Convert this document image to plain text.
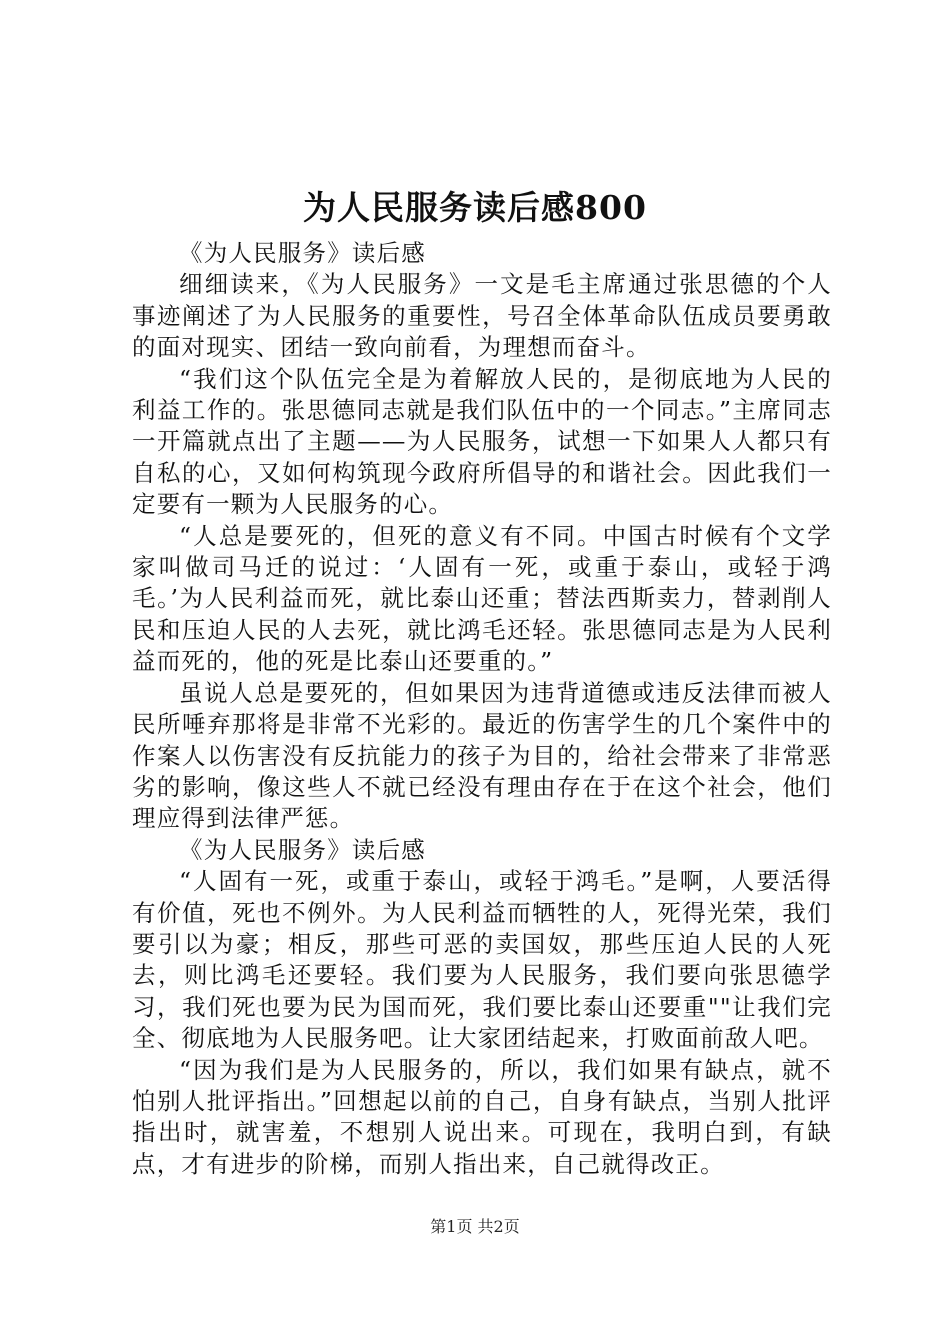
为人民服务读后感800

《为人民服务》读后感

细细读来，《为人民服务》一文是毛主席通过张思德的个人事迹阐述了为人民服务的重要性，号召全体革命队伍成员要勇敢的面对现实、团结一致向前看，为理想而奋斗。

“我们这个队伍完全是为着解放人民的，是彻底地为人民的利益工作的。张思德同志就是我们队伍中的一个同志。”主席同志一开篇就点出了主题——为人民服务，试想一下如果人人都只有自私的心，又如何构筑现今政府所倡导的和谐社会。因此我们一定要有一颗为人民服务的心。

“人总是要死的，但死的意义有不同。中国古时候有个文学家叫做司马迁的说过：‘人固有一死，或重于泰山，或轻于鸿毛。’为人民利益而死，就比泰山还重；替法西斯卖力，替剥削人民和压迫人民的人去死，就比鸿毛还轻。张思德同志是为人民利益而死的，他的死是比泰山还要重的。”

虽说人总是要死的，但如果因为违背道德或违反法律而被人民所唾弃那将是非常不光彩的。最近的伤害学生的几个案件中的作案人以伤害没有反抗能力的孩子为目的，给社会带来了非常恶劣的影响，像这些人不就已经没有理由存在于在这个社会，他们理应得到法律严惩。

《为人民服务》读后感

“人固有一死，或重于泰山，或轻于鸿毛。”是啊，人要活得有价值，死也不例外。为人民利益而牺牲的人，死得光荣，我们要引以为豪；相反，那些可恶的卖国奴，那些压迫人民的人死去，则比鸿毛还要轻。我们要为人民服务，我们要向张思德学习，我们死也要为民为国而死，我们要比泰山还要重""让我们完全、彻底地为人民服务吧。让大家团结起来，打败面前敌人吧。

“因为我们是为人民服务的，所以，我们如果有缺点，就不怕别人批评指出。”回想起以前的自己，自身有缺点，当别人批评指出时，就害羞，不想别人说出来。可现在，我明白到，有缺点，才有进步的阶梯，而别人指出来，自己就得改正。

第1页 共2页
